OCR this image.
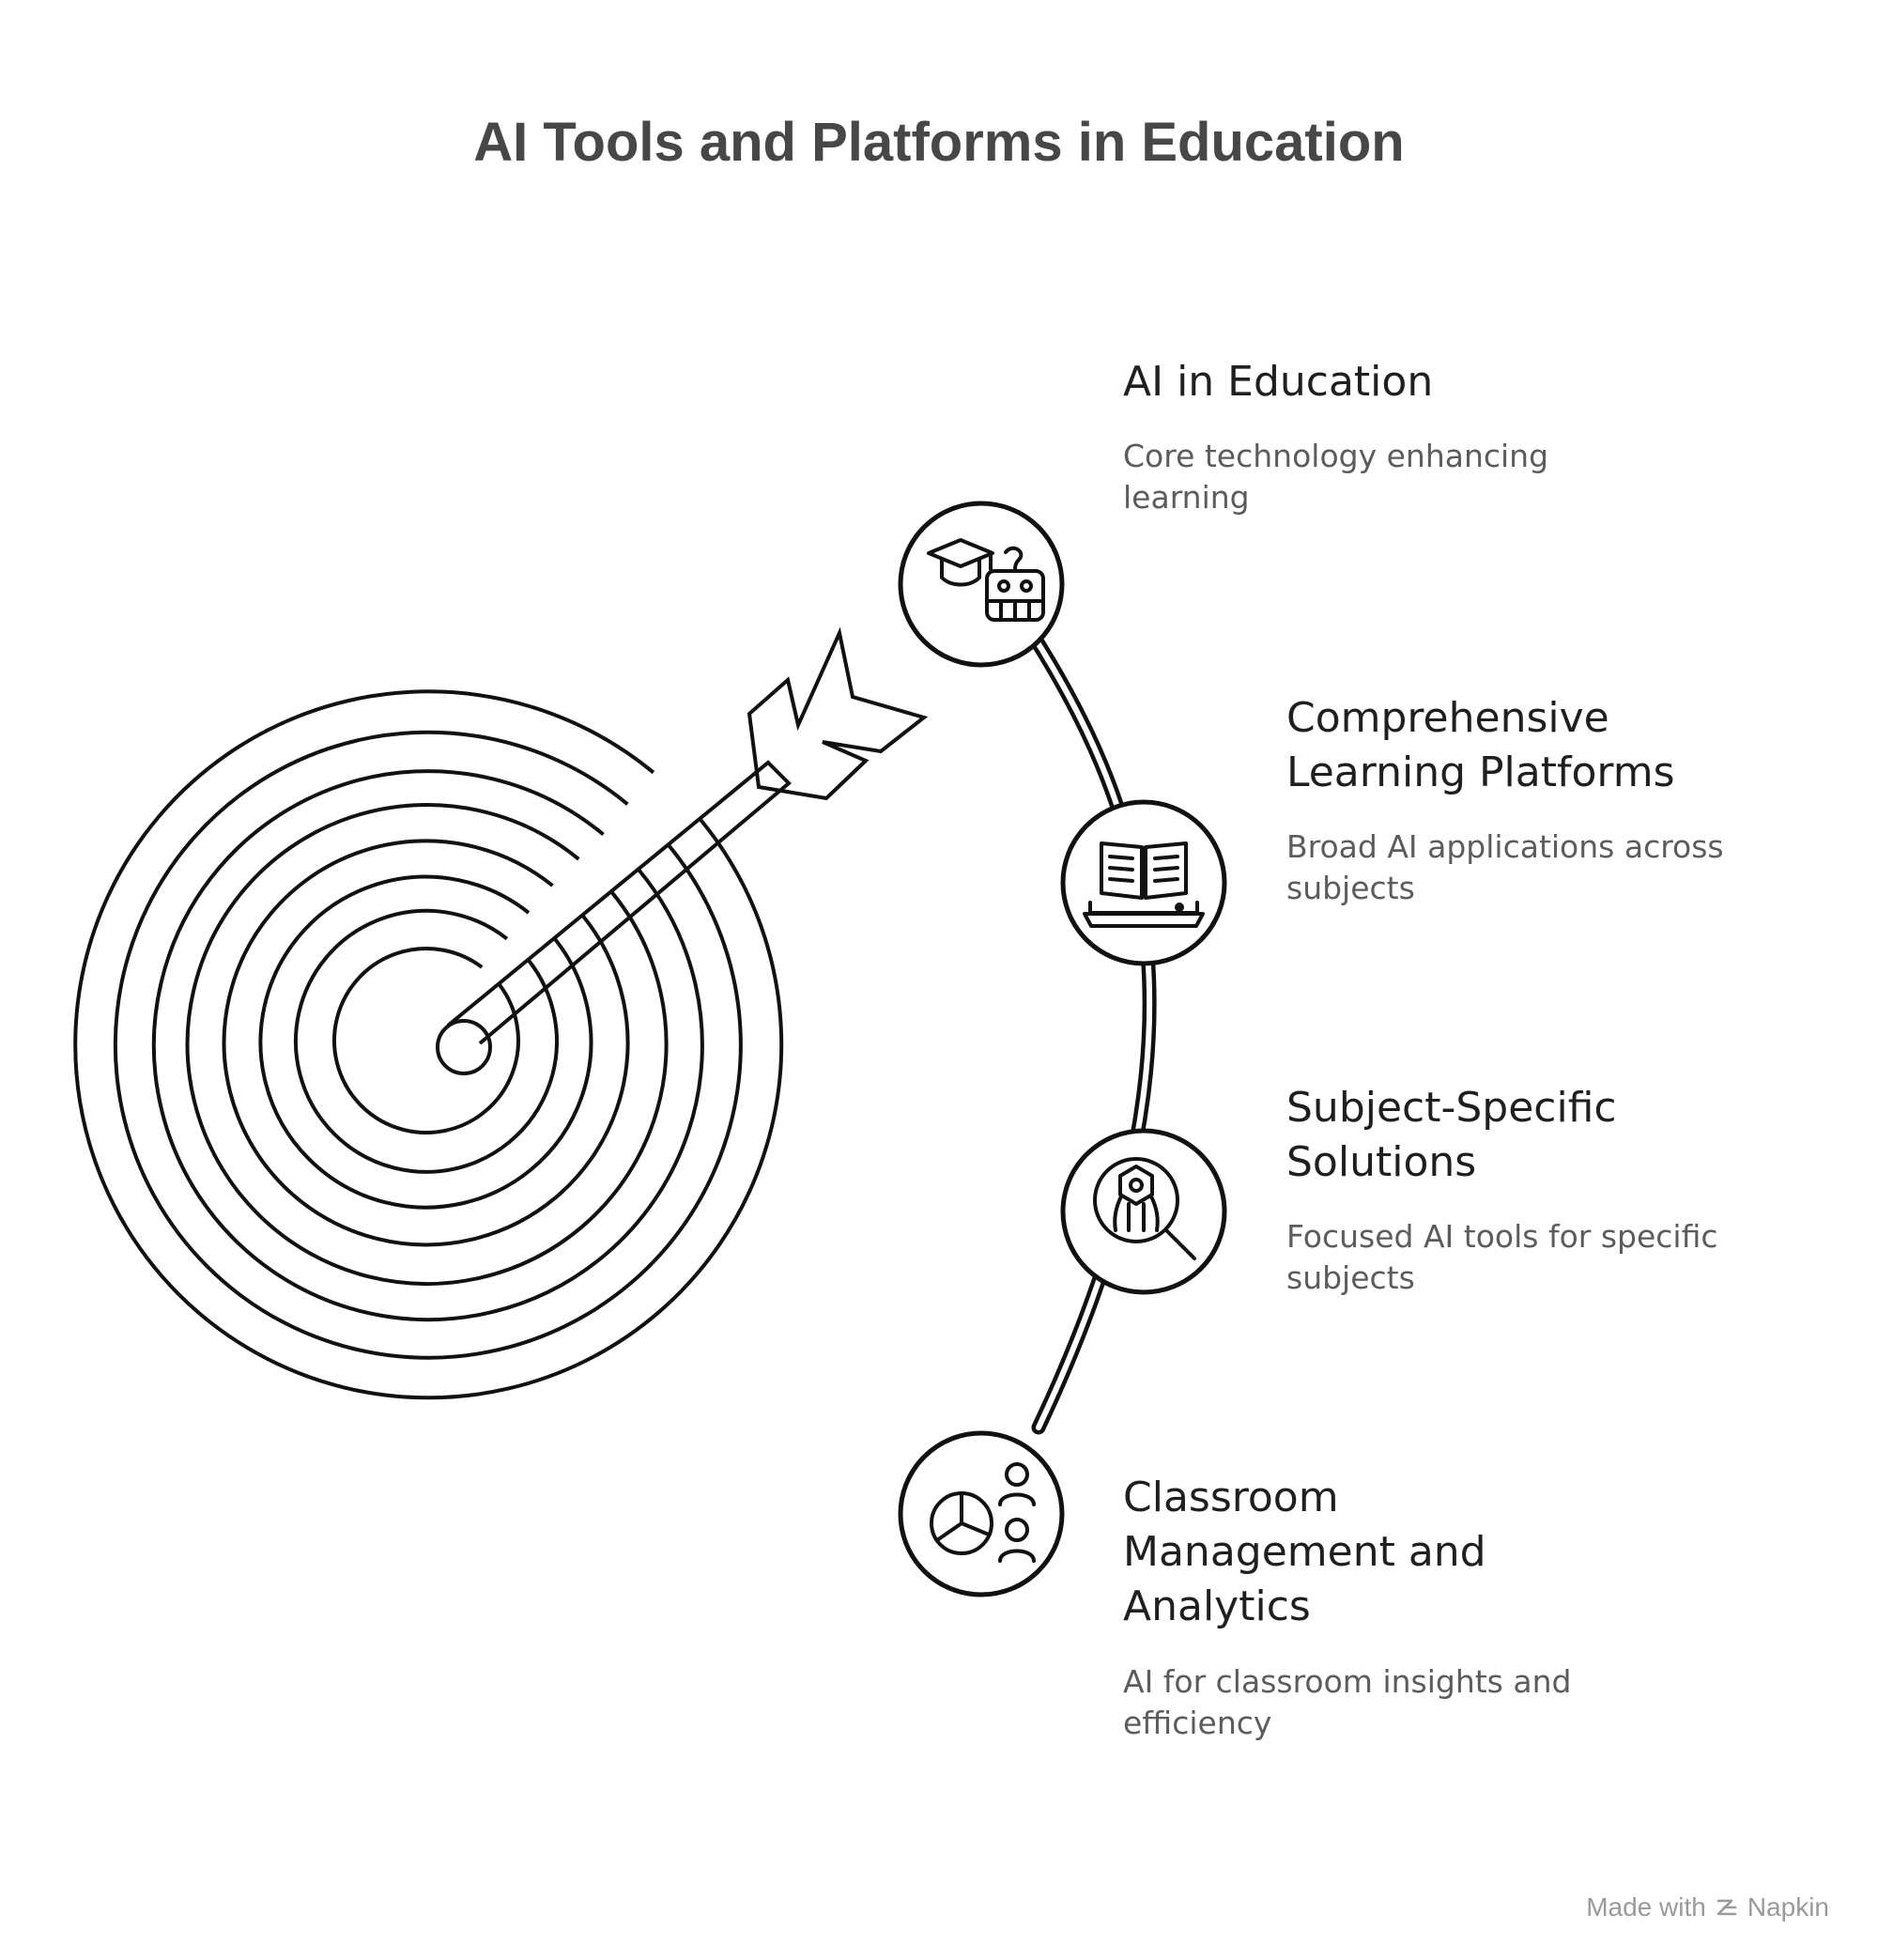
AI Tools and Platforms in Education
AI in Education
Core technology enhancing learning
Comprehensive Learning Platforms
Broad AI applications across subjects
Subject-Specific Solutions
Focused AI tools for specific subjects
Classroom Management and Analytics
AI for classroom insights and efficiency
Made with Napkin
